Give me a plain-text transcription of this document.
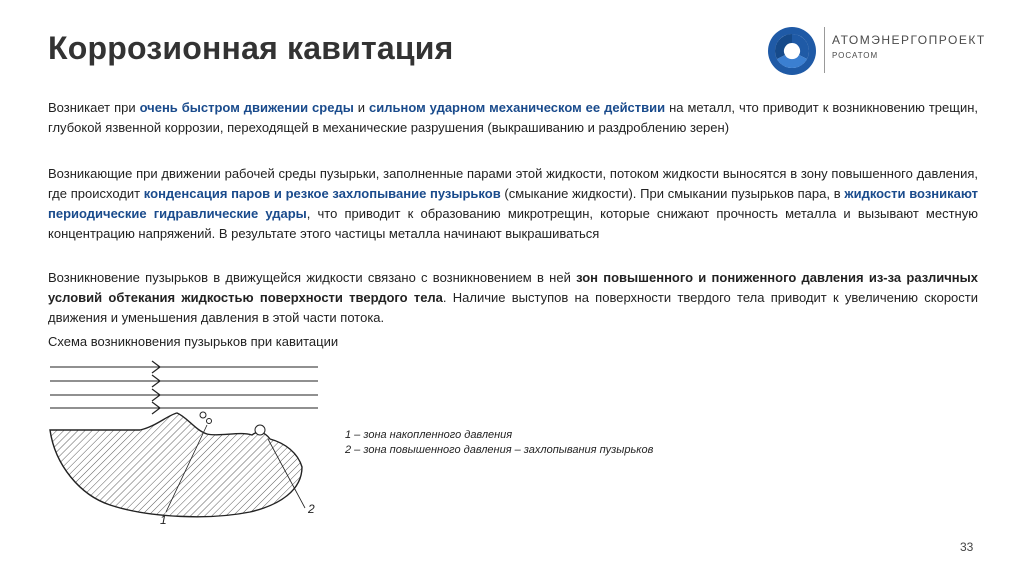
Коррозионная кавитация	АТОМЭНЕРГОПРОЕКТ
РОСАТОМ
Возникает при очень быстром движении среды и сильном ударном механическом ее действии на металл, что приводит к возникновению трещин, глубокой язвенной коррозии, переходящей в механические разрушения (выкрашиванию и раздроблению зерен)
Возникающие при движении рабочей среды пузырьки, заполненные парами этой жидкости, потоком жидкости выносятся в зону повышенного давления, где происходит конденсация паров и резкое захлопывание пузырьков (смыкание жидкости). При смыкании пузырьков пара, в жидкости возникают периодические гидравлические удары, что приводит к образованию микротрещин, которые снижают прочность металла и вызывают местную концентрацию напряжений. В результате этого частицы металла начинают выкрашиваться
Возникновение пузырьков в движущейся жидкости связано с возникновением в ней зон повышенного и пониженного давления из-за различных условий обтекания жидкостью поверхности твердого тела. Наличие выступов на поверхности твердого тела приводит к увеличению скорости движения и уменьшения давления в этой части потока.
Схема возникновения пузырьков при кавитации
1
2
1 – зона накопленного давления
2 – зона повышенного давления – захлопывания пузырьков
33
